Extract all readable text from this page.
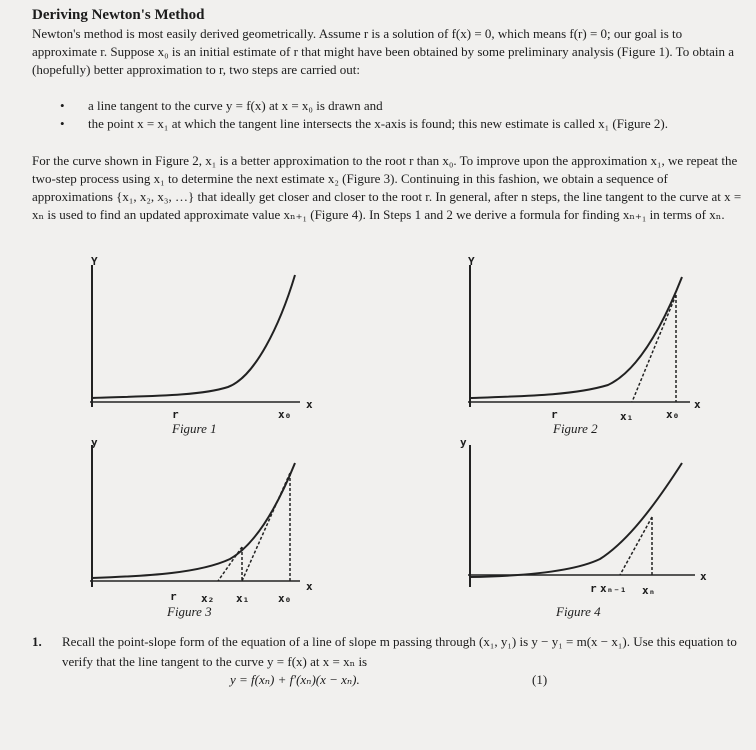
Deriving Newton's Method
Newton's method is most easily derived geometrically. Assume r is a solution of f(x) = 0, which means f(r) = 0; our goal is to approximate r. Suppose x₀ is an initial estimate of r that might have been obtained by some preliminary analysis (Figure 1). To obtain a (hopefully) better approximation to r, two steps are carried out:
• a line tangent to the curve y = f(x) at x = x₀ is drawn and
• the point x = x₁ at which the tangent line intersects the x-axis is found; this new estimate is called x₁ (Figure 2).
For the curve shown in Figure 2, x₁ is a better approximation to the root r than x₀. To improve upon the approximation x₁, we repeat the two-step process using x₁ to determine the next estimate x₂ (Figure 3). Continuing in this fashion, we obtain a sequence of approximations {x₁, x₂, x₃, …} that ideally get closer and closer to the root r. In general, after n steps, the line tangent to the curve at x = xₙ is used to find an updated approximate value xₙ₊₁ (Figure 4). In Steps 1 and 2 we derive a formula for finding xₙ₊₁ in terms of xₙ.
Y
r	x₀
x
Figure 1
Y
r	x₁	x₀
x
Figure 2
y
r x₂ x₁	x₀
x
Figure 3
y
r xₙ₋₁ xₙ
x
Figure 4
1. Recall the point-slope form of the equation of a line of slope m passing through (x₁, y₁) is y − y₁ = m(x − x₁). Use this equation to verify that the line tangent to the curve y = f(x) at x = xₙ is
y = f(xₙ) + f′(xₙ)(x − xₙ).	(1)
